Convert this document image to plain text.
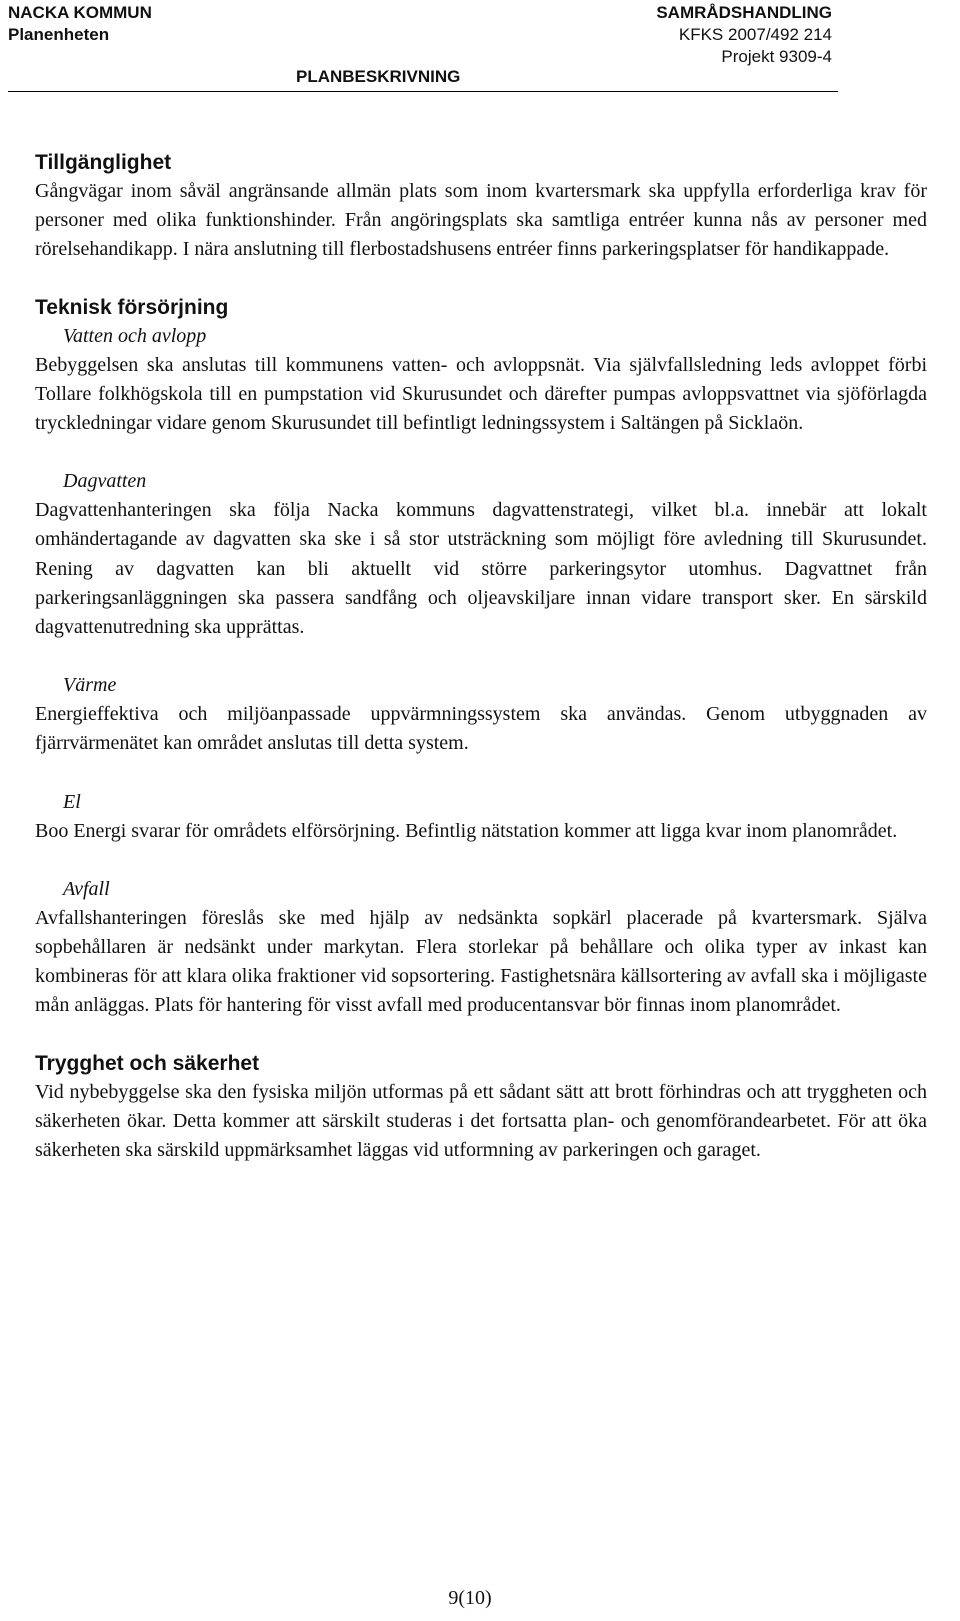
NACKA KOMMUN
Planenheten
PLANBESKRIVNING
SAMRÅDSHANDLING
KFKS 2007/492 214
Projekt 9309-4
Tillgänglighet

Gångvägar inom såväl angränsande allmän plats som inom kvartersmark ska uppfylla erforderliga krav för personer med olika funktionshinder. Från angöringsplats ska samtliga entréer kunna nås av personer med rörelsehandikapp. I nära anslutning till flerbostadshusens entréer finns parkeringsplatser för handikappade.

Teknisk försörjning
Vatten och avlopp

Bebyggelsen ska anslutas till kommunens vatten- och avloppsnät. Via självfallsledning leds avloppet förbi Tollare folkhögskola till en pumpstation vid Skurusundet och därefter pumpas avloppsvattnet via sjöförlagda tryckledningar vidare genom Skurusundet till befintligt ledningssystem i Saltängen på Sicklaön.

Dagvatten

Dagvattenhanteringen ska följa Nacka kommuns dagvattenstrategi, vilket bl.a. innebär att lokalt omhändertagande av dagvatten ska ske i så stor utsträckning som möjligt före avledning till Skurusundet. Rening av dagvatten kan bli aktuellt vid större parkeringsytor utomhus. Dagvattnet från parkeringsanläggningen ska passera sandfång och oljeavskiljare innan vidare transport sker. En särskild dagvattenutredning ska upprättas.

Värme

Energieffektiva och miljöanpassade uppvärmningssystem ska användas. Genom utbyggnaden av fjärrvärmenätet kan området anslutas till detta system.

El

Boo Energi svarar för områdets elförsörjning. Befintlig nätstation kommer att ligga kvar inom planområdet.

Avfall

Avfallshanteringen föreslås ske med hjälp av nedsänkta sopkärl placerade på kvartersmark. Själva sopbehållaren är nedsänkt under markytan. Flera storlekar på behållare och olika typer av inkast kan kombineras för att klara olika fraktioner vid sopsortering. Fastighetsnära källsortering av avfall ska i möjligaste mån anläggas. Plats för hantering för visst avfall med producentansvar bör finnas inom planområdet.

Trygghet och säkerhet

Vid nybebyggelse ska den fysiska miljön utformas på ett sådant sätt att brott förhindras och att tryggheten och säkerheten ökar. Detta kommer att särskilt studeras i det fortsatta plan- och genomförandearbetet. För att öka säkerheten ska särskild uppmärksamhet läggas vid utformning av parkeringen och garaget.

9(10)
